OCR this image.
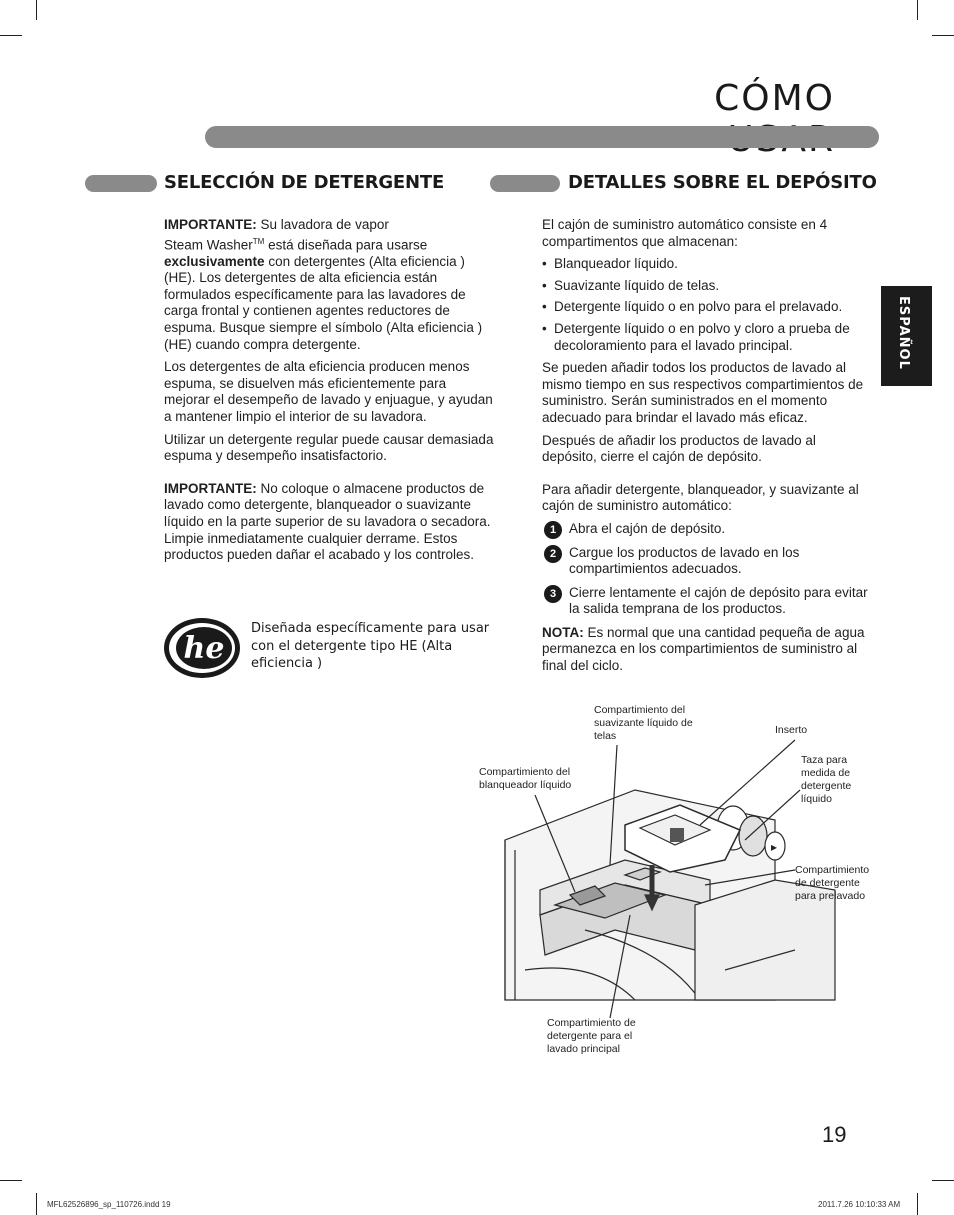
CÓMO
ESPAÑOL
SELECCIÓN DE DETERGENTE

IMPORTANTE: Su lavadora de vapor
Steam Washer™ está diseñada para usarse
exclusivamente con detergentes (Alta eficiencia ) (HE). Los detergentes de alta eficiencia están formulados específicamente para las lavadores de carga frontal y contienen agentes reductores de espuma. Busque siempre el símbolo (Alta eficiencia ) (HE) cuando compra detergente.

Los detergentes de alta eficiencia producen menos espuma, se disuelven más eficientemente para mejorar el desempeño de lavado y enjuague, y ayudan a mantener limpio el interior de su lavadora.

Utilizar un detergente regular puede causar demasiada espuma y desempeño insatisfactorio.

IMPORTANTE: No coloque o almacene productos de lavado como detergente, blanqueador o suavizante líquido en la parte superior de su lavadora o secadora. Limpie inmediatamente cualquier derrame. Estos productos pueden dañar el acabado y los controles.

he
Diseñada específicamente para usar con el detergente tipo HE (Alta eficiencia )
DETALLES SOBRE EL DEPÓSITO

El cajón de suministro automático consiste en 4 compartimentos que almacenan:

• Blanqueador líquido.
• Suavizante líquido de telas.
• Detergente líquido o en polvo para el prelavado.
• Detergente líquido o en polvo y cloro a prueba de decoloramiento para el lavado principal.

Se pueden añadir todos los productos de lavado al mismo tiempo en sus respectivos compartimientos de suministro. Serán suministrados en el momento adecuado para brindar el lavado más eficaz.

Después de añadir los productos de lavado al depósito, cierre el cajón de depósito.

Para añadir detergente, blanqueador, y suavizante al cajón de suministro automático:

1 Abra el cajón de depósito.
2 Cargue los productos de lavado en los compartimientos adecuados.
3 Cierre lentamente el cajón de depósito para evitar la salida temprana de los productos.

NOTA: Es normal que una cantidad pequeña de agua permanezca en los compartimientos de suministro al final del ciclo.

▸
Compartimiento del suavizante líquido de telas	Inserto
Taza para medida de detergente líquido
Compartimiento del blanqueador líquido
Compartimiento de detergente para prelavado
Compartimiento de detergente para el lavado principal
19
MFL62526896_sp_110726.indd 19	2011.7.26 10:10:33 AM
